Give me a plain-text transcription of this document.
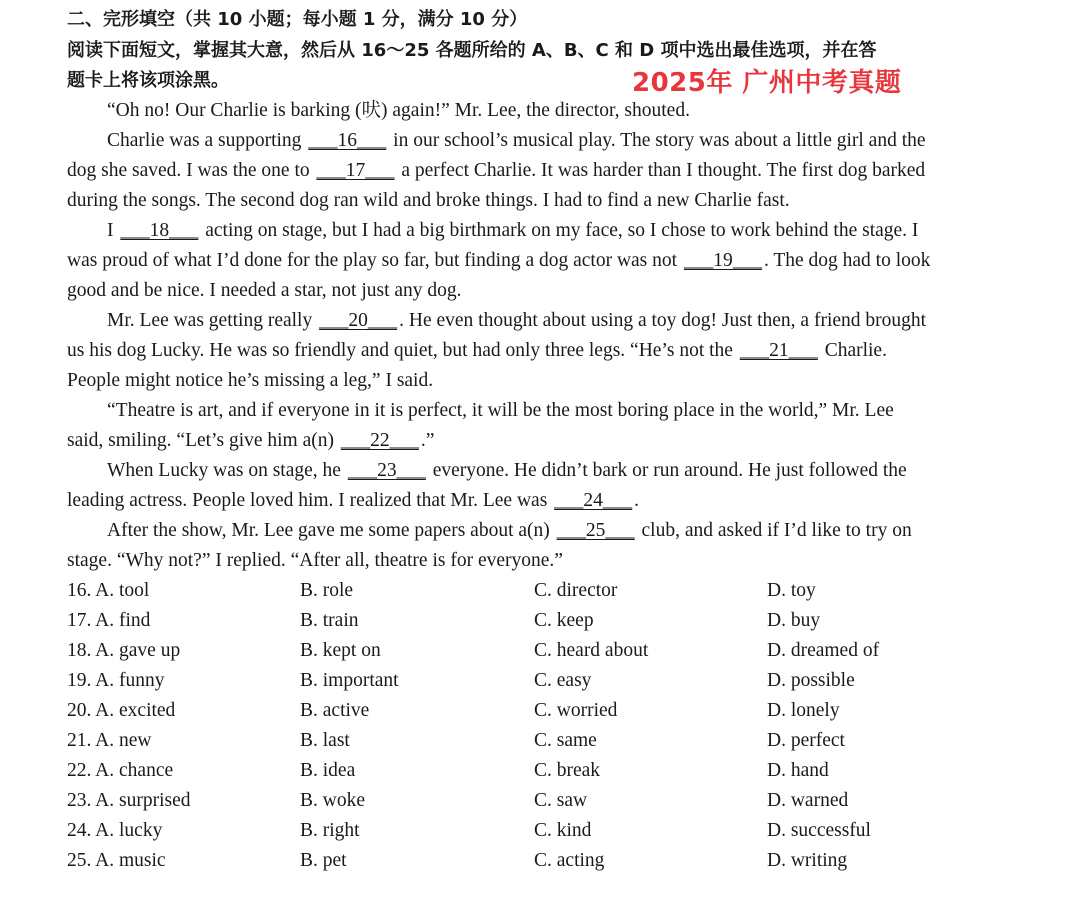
二、完形填空（共 10 小题；每小题 1 分，满分 10 分）
阅读下面短文，掌握其大意，然后从 16～25 各题所给的 A、B、C 和 D 项中选出最佳选项，并在答
题卡上将该项涂黑。	2025年 广州中考真题
“Oh no! Our Charlie is barking (吠) again!” Mr. Lee, the director, shouted.
Charlie was a supporting ___16___ in our school’s musical play. The story was about a little girl and the
dog she saved. I was the one to ___17___ a perfect Charlie. It was harder than I thought. The first dog barked
during the songs. The second dog ran wild and broke things. I had to find a new Charlie fast.
I ___18___ acting on stage, but I had a big birthmark on my face, so I chose to work behind the stage. I
was proud of what I’d done for the play so far, but finding a dog actor was not ___19___ . The dog had to look
good and be nice. I needed a star, not just any dog.
Mr. Lee was getting really ___20___ . He even thought about using a toy dog! Just then, a friend brought
us his dog Lucky. He was so friendly and quiet, but had only three legs. “He’s not the ___21___ Charlie.
People might notice he’s missing a leg,” I said.
“Theatre is art, and if everyone in it is perfect, it will be the most boring place in the world,” Mr. Lee
said, smiling. “Let’s give him a(n) ___22___ .”
When Lucky was on stage, he ___23___ everyone. He didn’t bark or run around. He just followed the
leading actress. People loved him. I realized that Mr. Lee was ___24___ .
After the show, Mr. Lee gave me some papers about a(n) ___25___ club, and asked if I’d like to try on
stage. “Why not?” I replied. “After all, theatre is for everyone.”
16. A. tool	B. role	C. director	D. toy
17. A. find	B. train	C. keep	D. buy
18. A. gave up	B. kept on	C. heard about	D. dreamed of
19. A. funny	B. important	C. easy	D. possible
20. A. excited	B. active	C. worried	D. lonely
21. A. new	B. last	C. same	D. perfect
22. A. chance	B. idea	C. break	D. hand
23. A. surprised	B. woke	C. saw	D. warned
24. A. lucky	B. right	C. kind	D. successful
25. A. music	B. pet	C. acting	D. writing
